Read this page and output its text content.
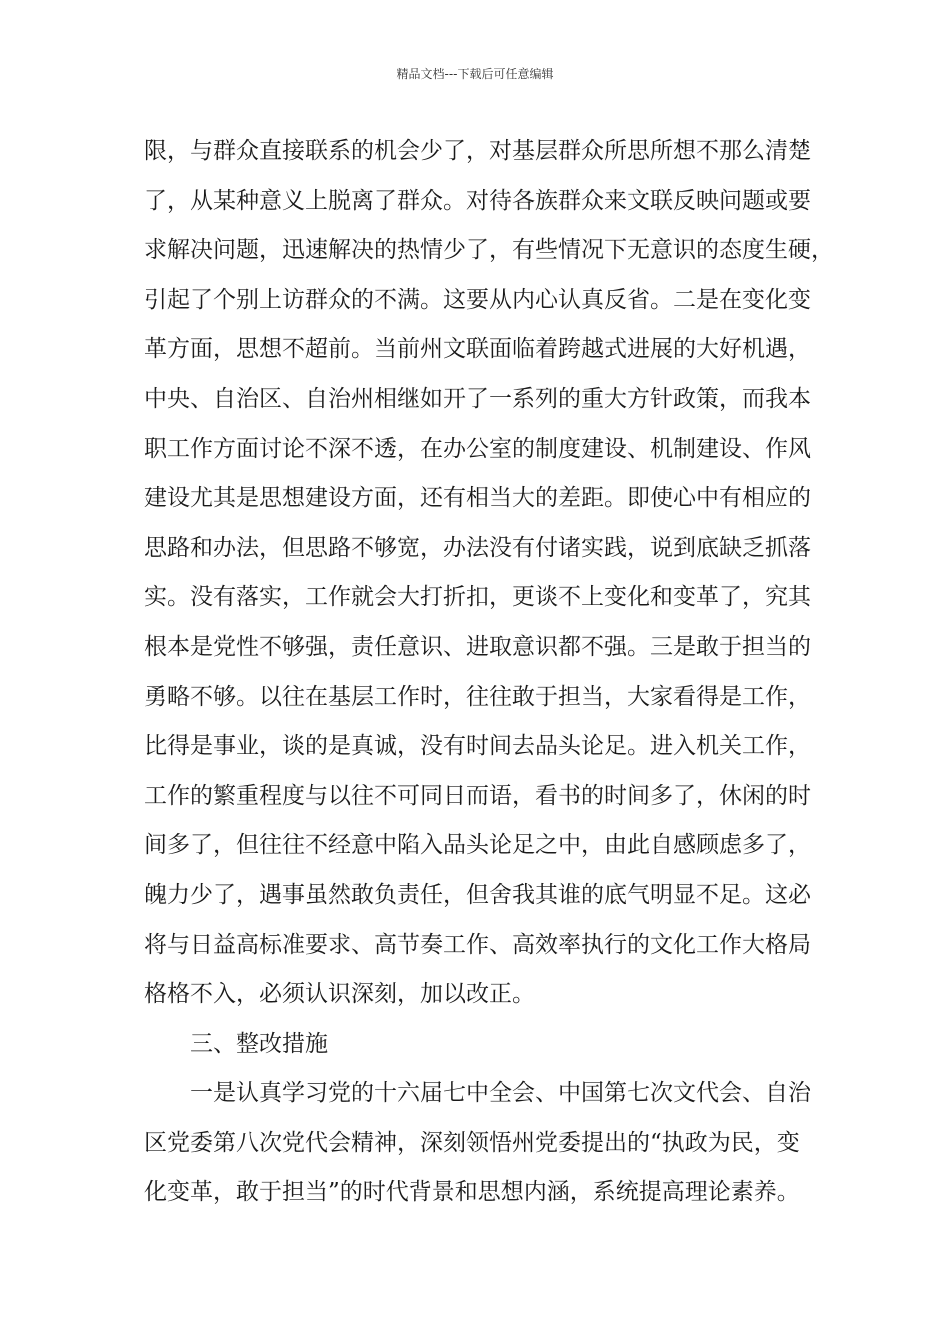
精品文档---下载后可任意编辑
限，与群众直接联系的机会少了，对基层群众所思所想不那么清楚
了，从某种意义上脱离了群众。对待各族群众来文联反映问题或要
求解决问题，迅速解决的热情少了，有些情况下无意识的态度生硬，
引起了个别上访群众的不满。这要从内心认真反省。二是在变化变
革方面，思想不超前。当前州文联面临着跨越式进展的大好机遇，
中央、自治区、自治州相继如开了一系列的重大方针政策，而我本
职工作方面讨论不深不透，在办公室的制度建设、机制建设、作风
建设尤其是思想建设方面，还有相当大的差距。即使心中有相应的
思路和办法，但思路不够宽，办法没有付诸实践，说到底缺乏抓落
实。没有落实，工作就会大打折扣，更谈不上变化和变革了，究其
根本是党性不够强，责任意识、进取意识都不强。三是敢于担当的
勇略不够。以往在基层工作时，往往敢于担当，大家看得是工作，
比得是事业，谈的是真诚，没有时间去品头论足。进入机关工作，
工作的繁重程度与以往不可同日而语，看书的时间多了，休闲的时
间多了，但往往不经意中陷入品头论足之中，由此自感顾虑多了，
魄力少了，遇事虽然敢负责任，但舍我其谁的底气明显不足。这必
将与日益高标准要求、高节奏工作、高效率执行的文化工作大格局
格格不入，必须认识深刻，加以改正。
三、整改措施
一是认真学习党的十六届七中全会、中国第七次文代会、自治
区党委第八次党代会精神，深刻领悟州党委提出的“执政为民，变
化变革，敢于担当”的时代背景和思想内涵，系统提高理论素养。
